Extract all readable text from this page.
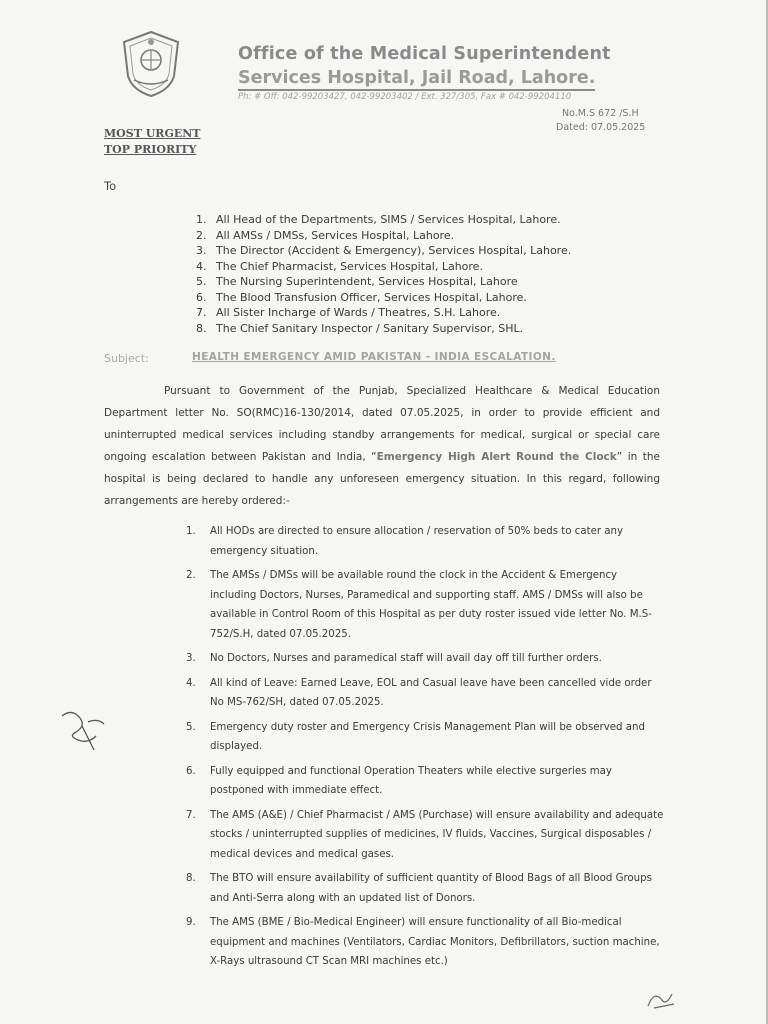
Office of the Medical Superintendent
Services Hospital, Jail Road, Lahore.
Ph: # Off: 042-99203427, 042-99203402 / Ext. 327/305, Fax # 042-99204110
No.M.S 672 /S.H
Dated: 07.05.2025
MOST URGENT
TOP PRIORITY
To
1. All Head of the Departments, SIMS / Services Hospital, Lahore.
2. All AMSs / DMSs, Services Hospital, Lahore.
3. The Director (Accident & Emergency), Services Hospital, Lahore.
4. The Chief Pharmacist, Services Hospital, Lahore.
5. The Nursing Superintendent, Services Hospital, Lahore
6. The Blood Transfusion Officer, Services Hospital, Lahore.
7. All Sister Incharge of Wards / Theatres, S.H. Lahore.
8. The Chief Sanitary Inspector / Sanitary Supervisor, SHL.
Subject:	HEALTH EMERGENCY AMID PAKISTAN - INDIA ESCALATION.

Pursuant to Government of the Punjab, Specialized Healthcare & Medical Education Department letter No. SO(RMC)16-130/2014, dated 07.05.2025, in order to provide efficient and uninterrupted medical services including standby arrangements for medical, surgical or special care ongoing escalation between Pakistan and India, “Emergency High Alert Round the Clock” in the hospital is being declared to handle any unforeseen emergency situation. In this regard, following arrangements are hereby ordered:-

1. All HODs are directed to ensure allocation / reservation of 50% beds to cater any emergency situation.
2. The AMSs / DMSs will be available round the clock in the Accident & Emergency including Doctors, Nurses, Paramedical and supporting staff. AMS / DMSs will also be available in Control Room of this Hospital as per duty roster issued vide letter No. M.S-752/S.H, dated 07.05.2025.
3. No Doctors, Nurses and paramedical staff will avail day off till further orders.
4. All kind of Leave: Earned Leave, EOL and Casual leave have been cancelled vide order No MS-762/SH, dated 07.05.2025.
5. Emergency duty roster and Emergency Crisis Management Plan will be observed and displayed.
6. Fully equipped and functional Operation Theaters while elective surgeries may postponed with immediate effect.
7. The AMS (A&E) / Chief Pharmacist / AMS (Purchase) will ensure availability and adequate stocks / uninterrupted supplies of medicines, IV fluids, Vaccines, Surgical disposables / medical devices and medical gases.
8. The BTO will ensure availability of sufficient quantity of Blood Bags of all Blood Groups and Anti-Serra along with an updated list of Donors.
9. The AMS (BME / Bio-Medical Engineer) will ensure functionality of all Bio-medical equipment and machines (Ventilators, Cardiac Monitors, Defibrillators, suction machine, X-Rays ultrasound CT Scan MRI machines etc.)
